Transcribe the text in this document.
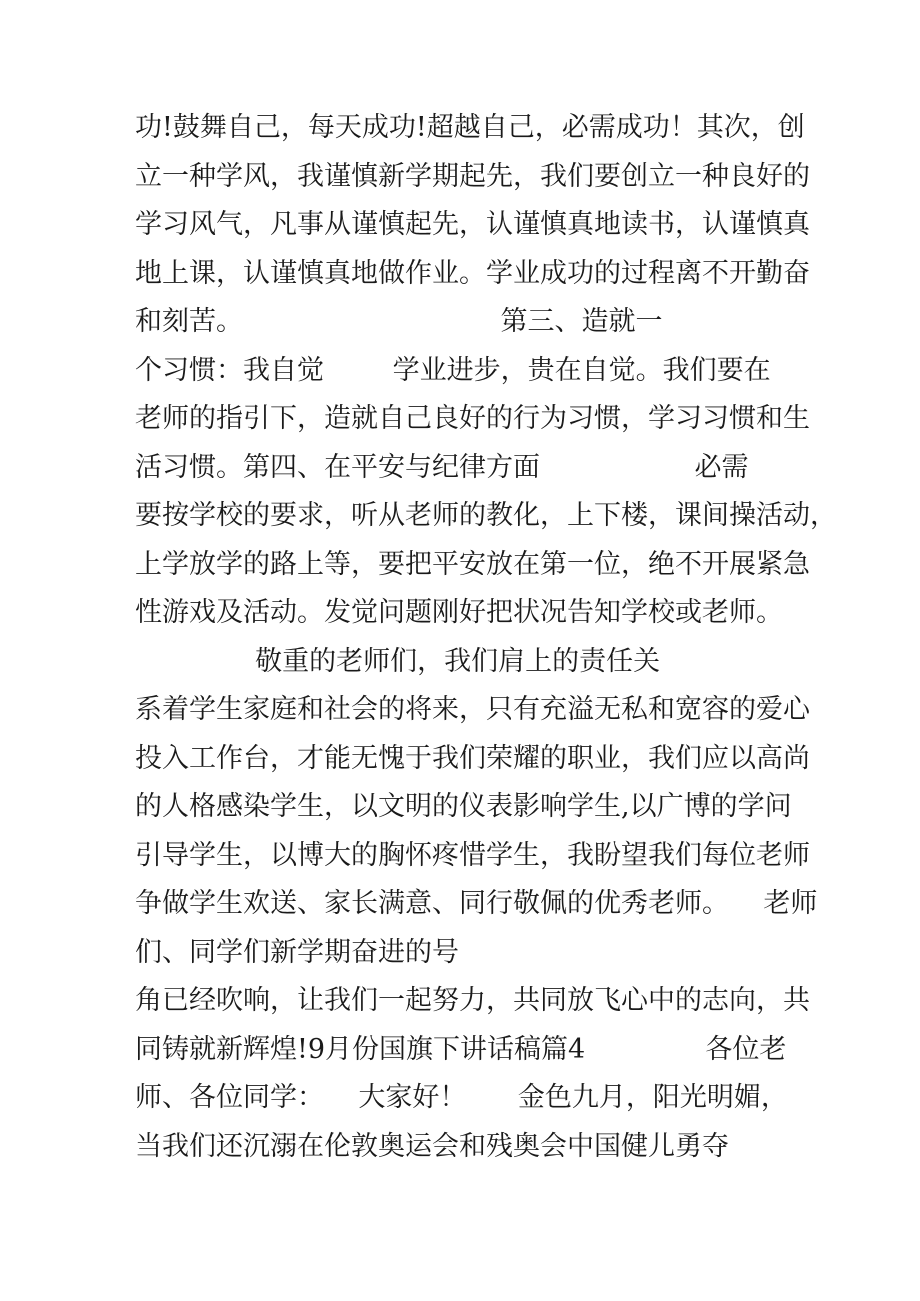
功!鼓舞自己，每天成功!超越自己，必需成功！其次，创
立一种学风，我谨慎新学期起先，我们要创立一种良好的
学习风气，凡事从谨慎起先，认谨慎真地读书，认谨慎真
地上课，认谨慎真地做作业。学业成功的过程离不开勤奋
和刻苦。                              第三、造就一
个习惯：我自觉        学业进步，贵在自觉。我们要在
老师的指引下，造就自己良好的行为习惯，学习习惯和生
活习惯。第四、在平安与纪律方面                  必需
要按学校的要求，听从老师的教化，上下楼，课间操活动，
上学放学的路上等，要把平安放在第一位，绝不开展紧急
性游戏及活动。发觉问题刚好把状况告知学校或老师。
敬重的老师们，我们肩上的责任关
系着学生家庭和社会的将来，只有充溢无私和宽容的爱心
投入工作台，才能无愧于我们荣耀的职业，我们应以高尚
的人格感染学生，以文明的仪表影响学生,以广博的学问
引导学生，以博大的胸怀疼惜学生，我盼望我们每位老师
争做学生欢送、家长满意、同行敬佩的优秀老师。    老师
们、同学们新学期奋进的号
角已经吹响，让我们一起努力，共同放飞心中的志向，共
同铸就新辉煌!9月份国旗下讲话稿篇4              各位老
师、各位同学：    大家好！      金色九月，阳光明媚，
当我们还沉溺在伦敦奥运会和残奥会中国健儿勇夺
